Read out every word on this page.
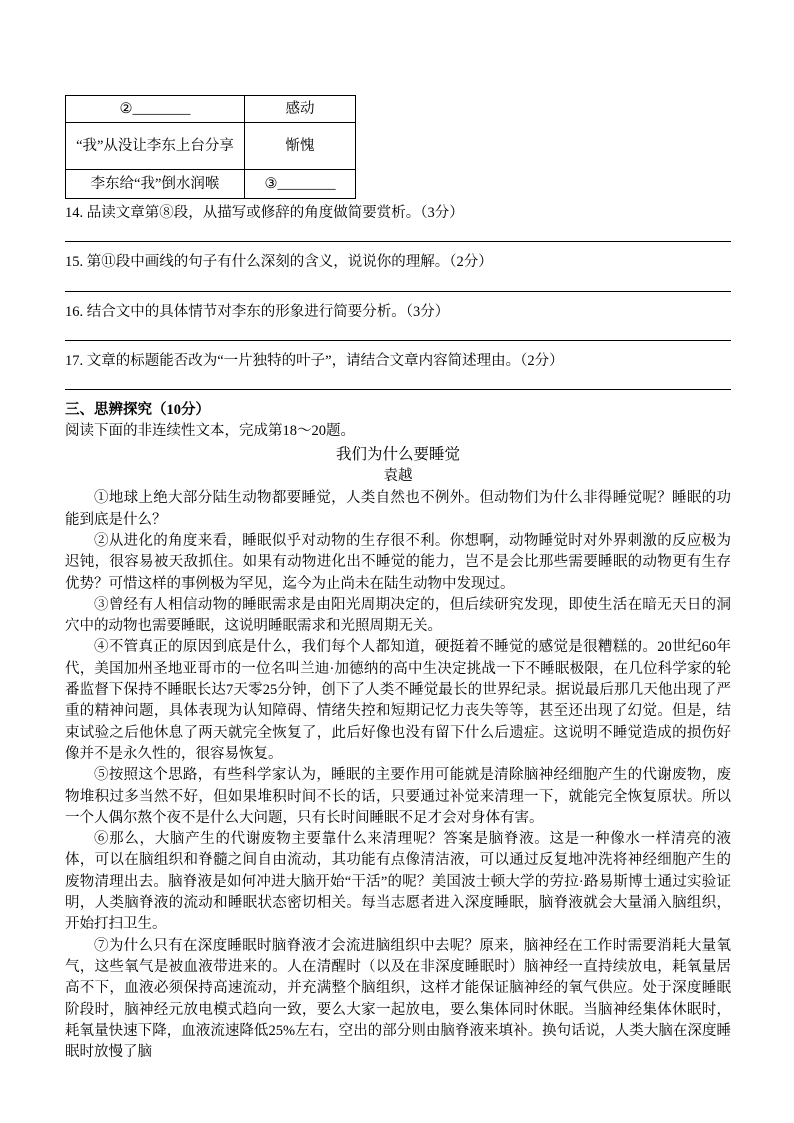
②________	感动
“我”从没让李东上台分享	惭愧
李东给“我”倒水润喉	③________
14. 品读文章第⑧段，从描写或修辞的角度做简要赏析。（3分）
15. 第⑪段中画线的句子有什么深刻的含义，说说你的理解。（2分）
16. 结合文中的具体情节对李东的形象进行简要分析。（3分）
17. 文章的标题能否改为“一片独特的叶子”，请结合文章内容简述理由。（2分）
三、思辨探究（10分）
阅读下面的非连续性文本，完成第18～20题。
我们为什么要睡觉
袁越

①地球上绝大部分陆生动物都要睡觉，人类自然也不例外。但动物们为什么非得睡觉呢？睡眠的功能到底是什么？

②从进化的角度来看，睡眠似乎对动物的生存很不利。你想啊，动物睡觉时对外界刺激的反应极为迟钝，很容易被天敌抓住。如果有动物进化出不睡觉的能力，岂不是会比那些需要睡眠的动物更有生存优势？可惜这样的事例极为罕见，迄今为止尚未在陆生动物中发现过。

③曾经有人相信动物的睡眠需求是由阳光周期决定的，但后续研究发现，即使生活在暗无天日的洞穴中的动物也需要睡眠，这说明睡眠需求和光照周期无关。

④不管真正的原因到底是什么，我们每个人都知道，硬挺着不睡觉的感觉是很糟糕的。20世纪60年代，美国加州圣地亚哥市的一位名叫兰迪·加德纳的高中生决定挑战一下不睡眠极限，在几位科学家的轮番监督下保持不睡眠长达7天零25分钟，创下了人类不睡觉最长的世界纪录。据说最后那几天他出现了严重的精神问题，具体表现为认知障碍、情绪失控和短期记忆力丧失等等，甚至还出现了幻觉。但是，结束试验之后他休息了两天就完全恢复了，此后好像也没有留下什么后遗症。这说明不睡觉造成的损伤好像并不是永久性的，很容易恢复。

⑤按照这个思路，有些科学家认为，睡眠的主要作用可能就是清除脑神经细胞产生的代谢废物，废物堆积过多当然不好，但如果堆积时间不长的话，只要通过补觉来清理一下，就能完全恢复原状。所以一个人偶尔熬个夜不是什么大问题，只有长时间睡眠不足才会对身体有害。

⑥那么，大脑产生的代谢废物主要靠什么来清理呢？答案是脑脊液。这是一种像水一样清亮的液体，可以在脑组织和脊髓之间自由流动，其功能有点像清洁液，可以通过反复地冲洗将神经细胞产生的废物清理出去。脑脊液是如何冲进大脑开始“干活”的呢？美国波士顿大学的劳拉·路易斯博士通过实验证明，人类脑脊液的流动和睡眠状态密切相关。每当志愿者进入深度睡眠，脑脊液就会大量涌入脑组织，开始打扫卫生。

⑦为什么只有在深度睡眠时脑脊液才会流进脑组织中去呢？原来，脑神经在工作时需要消耗大量氧气，这些氧气是被血液带进来的。人在清醒时（以及在非深度睡眠时）脑神经一直持续放电，耗氧量居高不下，血液必须保持高速流动，并充满整个脑组织，这样才能保证脑神经的氧气供应。处于深度睡眠阶段时，脑神经元放电模式趋向一致，要么大家一起放电，要么集体同时休眠。当脑神经集体休眠时，耗氧量快速下降，血液流速降低25%左右，空出的部分则由脑脊液来填补。换句话说，人类大脑在深度睡眠时放慢了脑
